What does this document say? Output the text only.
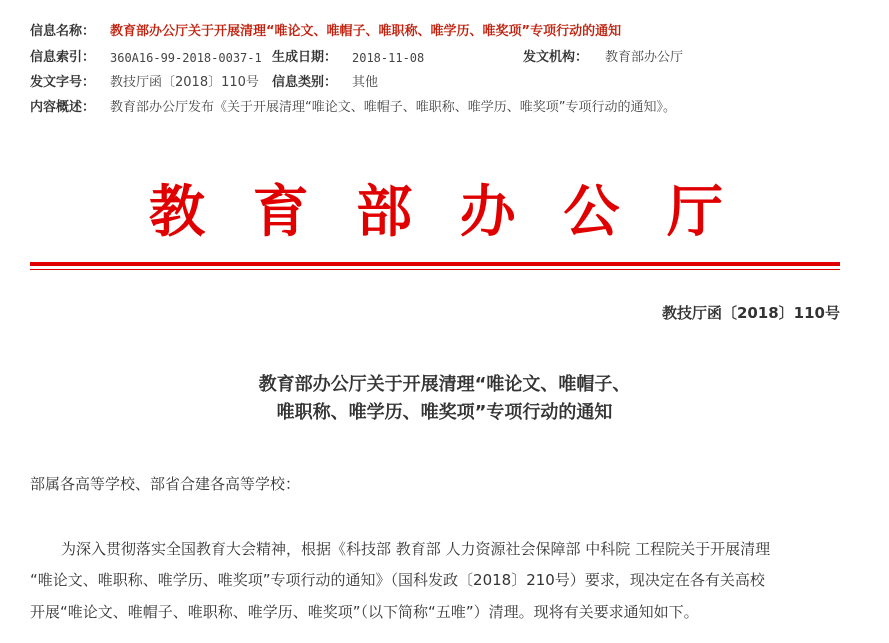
信息名称： 教育部办公厅关于开展清理“唯论文、唯帽子、唯职称、唯学历、唯奖项”专项行动的通知
信息索引： 360A16-99-2018-0037-1 生成日期： 2018-11-08	发文机构： 教育部办公厅
发文字号： 教技厅函〔2018〕110号 信息类别： 其他
内容概述： 教育部办公厅发布《关于开展清理“唯论文、唯帽子、唯职称、唯学历、唯奖项”专项行动的通知》。
教 育 部 办 公 厅
教技厅函〔2018〕110号
教育部办公厅关于开展清理“唯论文、唯帽子、
唯职称、唯学历、唯奖项”专项行动的通知
部属各高等学校、部省合建各高等学校：
为深入贯彻落实全国教育大会精神，根据《科技部 教育部 人力资源社会保障部 中科院 工程院关于开展清理
“唯论文、唯职称、唯学历、唯奖项”专项行动的通知》（国科发政〔2018〕210号）要求，现决定在各有关高校
开展“唯论文、唯帽子、唯职称、唯学历、唯奖项”（以下简称“五唯”）清理。现将有关要求通知如下。
